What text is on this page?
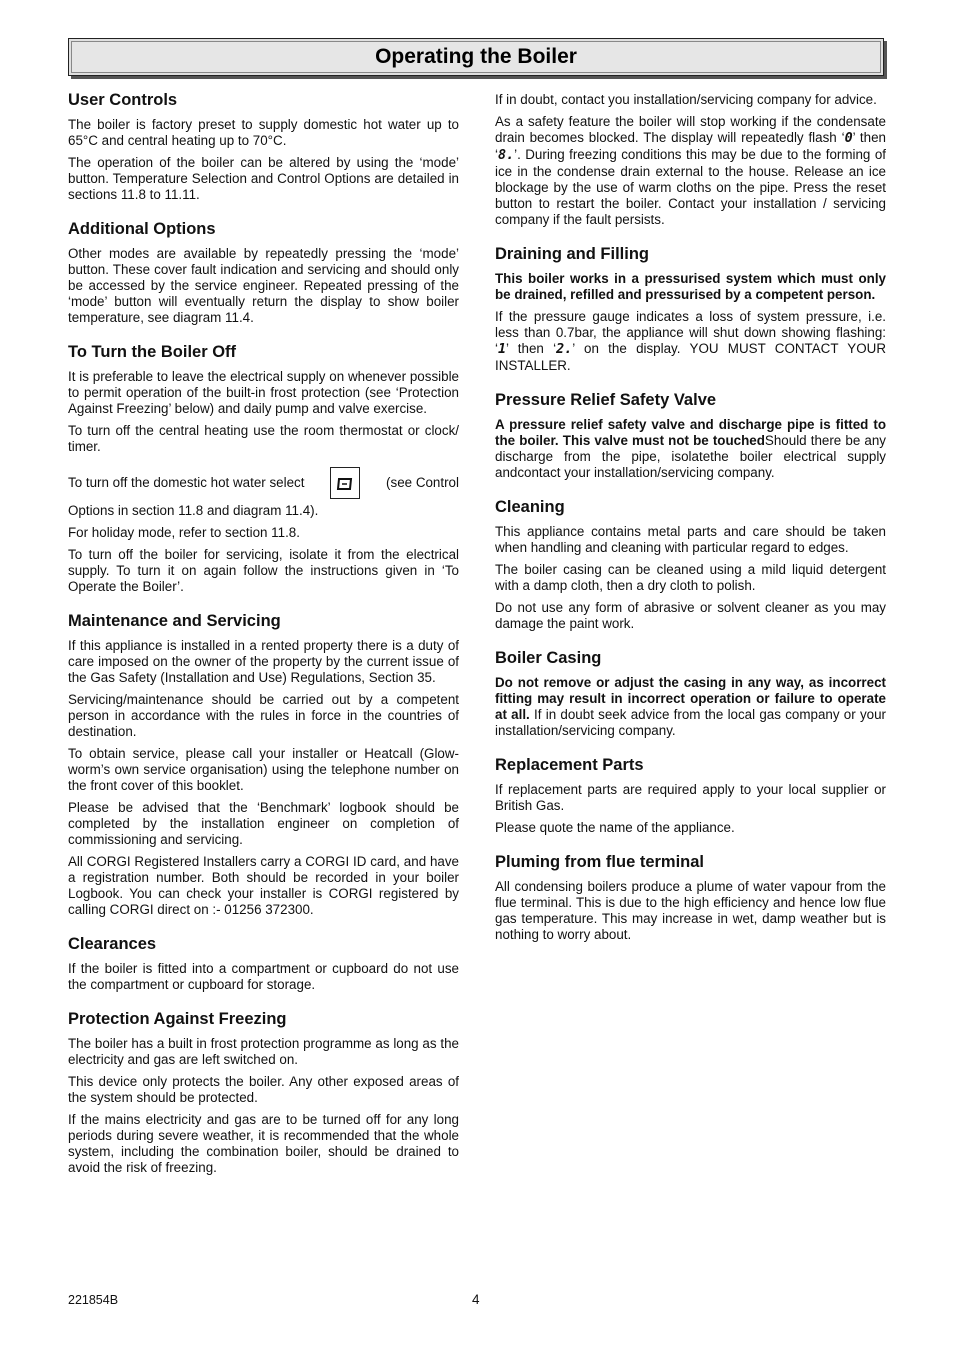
Operating the Boiler
User Controls

The boiler is factory preset to supply domestic hot water up to 65°C and central heating up to 70°C.

The operation of the boiler can be altered by using the ‘mode’ button. Temperature Selection and Control Options are detailed in sections 11.8 to 11.11.

Additional Options

Other modes are available by repeatedly pressing the ‘mode’ button. These cover fault indication and servicing and should only be accessed by the service engineer. Repeated pressing of the ‘mode’ button will eventually return the display to show boiler temperature, see diagram 11.4.

To Turn the Boiler Off

It is preferable to leave the electrical supply on whenever possible to permit operation of the built-in frost protection (see ‘Protection Against Freezing’ below) and daily pump and valve exercise.

To turn off the central heating use the room thermostat or clock/ timer.

To turn off the domestic hot water select	(see Control

Options in section 11.8 and diagram 11.4).

For holiday mode, refer to section 11.8.

To turn off the boiler for servicing, isolate it from the electrical supply. To turn it on again follow the instructions given in ‘To Operate the Boiler’.

Maintenance and Servicing

If this appliance is installed in a rented property there is a duty of care imposed on the owner of the property by the current issue of the Gas Safety (Installation and Use) Regulations, Section 35.

Servicing/maintenance should be carried out by a competent person in accordance with the rules in force in the countries of destination.

To obtain service, please call your installer or Heatcall (Glow-worm’s own service organisation) using the telephone number on the front cover of this booklet.

Please be advised that the ‘Benchmark’ logbook should be completed by the installation engineer on completion of commissioning and servicing.

All CORGI Registered Installers carry a CORGI ID card, and have a registration number. Both should be recorded in your boiler Logbook. You can check your installer is CORGI registered by calling CORGI direct on :- 01256 372300.

Clearances

If the boiler is fitted into a compartment or cupboard do not use the compartment or cupboard for storage.

Protection Against Freezing

The boiler has a built in frost protection programme as long as the electricity and gas are left switched on.

This device only protects the boiler. Any other exposed areas of the system should be protected.

If the mains electricity and gas are to be turned off for any long periods during severe weather, it is recommended that the whole system, including the combination boiler, should be drained to avoid the risk of freezing.

If in doubt, contact you installation/servicing company for advice.

As a safety feature the boiler will stop working if the condensate drain becomes blocked. The display will repeatedly flash ‘0’ then ‘8.’. During freezing conditions this may be due to the forming of ice in the condense drain external to the house. Release an ice blockage by the use of warm cloths on the pipe. Press the reset button to restart the boiler. Contact your installation / servicing company if the fault persists.

Draining and Filling

This boiler works in a pressurised system which must only be drained, refilled and pressurised by a competent person.

If the pressure gauge indicates a loss of system pressure, i.e. less than 0.7bar, the appliance will shut down showing flashing: ‘1’ then ‘2.’ on the display. YOU MUST CONTACT YOUR INSTALLER.

Pressure Relief Safety Valve

A pressure relief safety valve and discharge pipe is fitted to the boiler. This valve must not be touchedShould there be any discharge from the pipe, isolatethe boiler electrical supply andcontact your installation/servicing company.

Cleaning

This appliance contains metal parts and care should be taken when handling and cleaning with particular regard to edges.

The boiler casing can be cleaned using a mild liquid detergent with a damp cloth, then a dry cloth to polish.

Do not use any form of abrasive or solvent cleaner as you may damage the paint work.

Boiler Casing

Do not remove or adjust the casing in any way, as incorrect fitting may result in incorrect operation or failure to operate at all. If in doubt seek advice from the local gas company or your installation/servicing company.

Replacement Parts

If replacement parts are required apply to your local supplier or British Gas.

Please quote the name of the appliance.

Pluming from flue terminal

All condensing boilers produce a plume of water vapour from the flue terminal. This is due to the high efficiency and hence low flue gas temperature. This may increase in wet, damp weather but is nothing to worry about.

221854B	4
